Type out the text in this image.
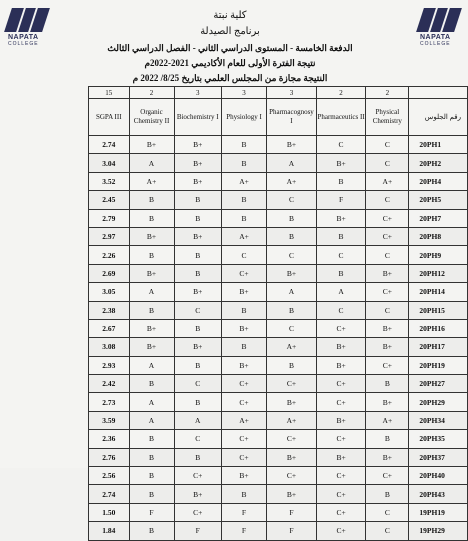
NAPATA
COLLEGE
NAPATA
COLLEGE
كلية نبتة
برنامج الصيدلة
الدفعة الخامسة - المستوى الدراسي الثاني - الفصل الدراسي الثالث
نتيجة الفترة الأولى للعام الأكاديمي 2021-2022م
النتيجة مجازة من المجلس العلمي بتاريخ 8/25/ 2022 م
15	2	3	3	3	2	2	
SGPA III	Organic Chemistry II	Biochemistry I	Physiology I	Pharmacognosy I	Pharmaceutics II	Physical Chemistry	رقم الجلوس
2.74	B+	B+	B	B+	C	C	20PH1
3.04	A	B+	B	A	B+	C	20PH2
3.52	A+	B+	A+	A+	B	A+	20PH4
2.45	B	B	B	C	F	C	20PH5
2.79	B	B	B	B	B+	C+	20PH7
2.97	B+	B+	A+	B	B	C+	20PH8
2.26	B	B	C	C	C	C	20PH9
2.69	B+	B	C+	B+	B	B+	20PH12
3.05	A	B+	B+	A	A	C+	20PH14
2.38	B	C	B	B	C	C	20PH15
2.67	B+	B	B+	C	C+	B+	20PH16
3.08	B+	B+	B	A+	B+	B+	20PH17
2.93	A	B	B+	B	B+	C+	20PH19
2.42	B	C	C+	C+	C+	B	20PH27
2.73	A	B	C+	B+	C+	B+	20PH29
3.59	A	A	A+	A+	B+	A+	20PH34
2.36	B	C	C+	C+	C+	B	20PH35
2.76	B	B	C+	B+	B+	B+	20PH37
2.56	B	C+	B+	C+	C+	C+	20PH40
2.74	B	B+	B	B+	C+	B	20PH43
1.50	F	C+	F	F	C+	C	19PH19
1.84	B	F	F	F	C+	C	19PH29
